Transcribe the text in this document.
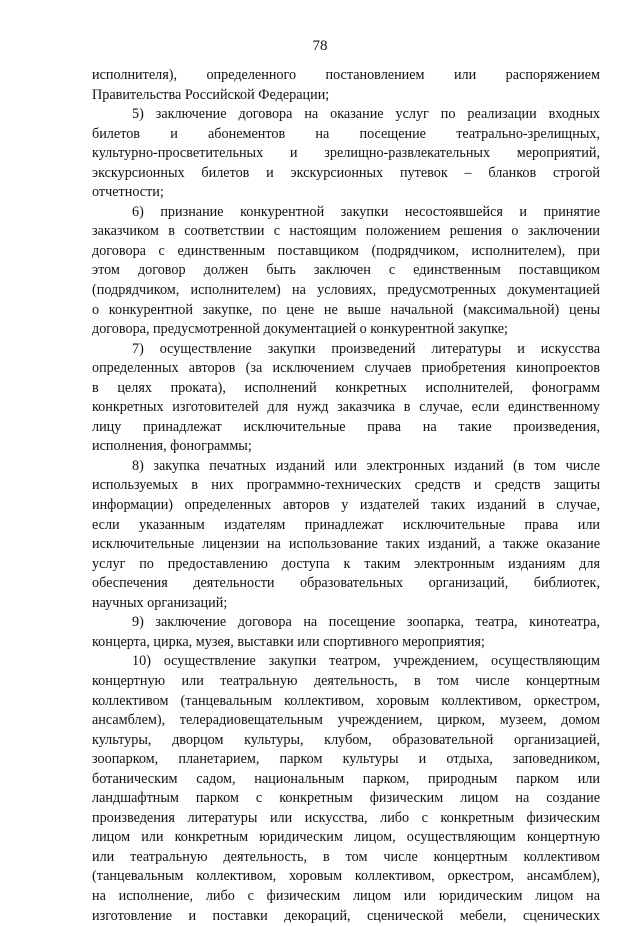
78

исполнителя), определенного постановлением или распоряжением
Правительства Российской Федерации;
5) заключение договора на оказание услуг по реализации входных
билетов и абонементов на посещение театрально-зрелищных,
культурно-просветительных и зрелищно-развлекательных мероприятий,
экскурсионных билетов и экскурсионных путевок – бланков строгой
отчетности;
6) признание конкурентной закупки несостоявшейся и принятие
заказчиком в соответствии с настоящим положением решения о заключении
договора с единственным поставщиком (подрядчиком, исполнителем), при
этом договор должен быть заключен с единственным поставщиком
(подрядчиком, исполнителем) на условиях, предусмотренных документацией
о конкурентной закупке, по цене не выше начальной (максимальной) цены
договора, предусмотренной документацией о конкурентной закупке;
7) осуществление закупки произведений литературы и искусства
определенных авторов (за исключением случаев приобретения кинопроектов
в целях проката), исполнений конкретных исполнителей, фонограмм
конкретных изготовителей для нужд заказчика в случае, если единственному
лицу принадлежат исключительные права на такие произведения,
исполнения, фонограммы;
8) закупка печатных изданий или электронных изданий (в том числе
используемых в них программно-технических средств и средств защиты
информации) определенных авторов у издателей таких изданий в случае,
если указанным издателям принадлежат исключительные права или
исключительные лицензии на использование таких изданий, а также оказание
услуг по предоставлению доступа к таким электронным изданиям для
обеспечения деятельности образовательных организаций, библиотек,
научных организаций;
9) заключение договора на посещение зоопарка, театра, кинотеатра,
концерта, цирка, музея, выставки или спортивного мероприятия;
10) осуществление закупки театром, учреждением, осуществляющим
концертную или театральную деятельность, в том числе концертным
коллективом (танцевальным коллективом, хоровым коллективом, оркестром,
ансамблем), телерадиовещательным учреждением, цирком, музеем, домом
культуры, дворцом культуры, клубом, образовательной организацией,
зоопарком, планетарием, парком культуры и отдыха, заповедником,
ботаническим садом, национальным парком, природным парком или
ландшафтным парком с конкретным физическим лицом на создание
произведения литературы или искусства, либо с конкретным физическим
лицом или конкретным юридическим лицом, осуществляющим концертную
или театральную деятельность, в том числе концертным коллективом
(танцевальным коллективом, хоровым коллективом, оркестром, ансамблем),
на исполнение, либо с физическим лицом или юридическим лицом на
изготовление и поставки декораций, сценической мебели, сценических
